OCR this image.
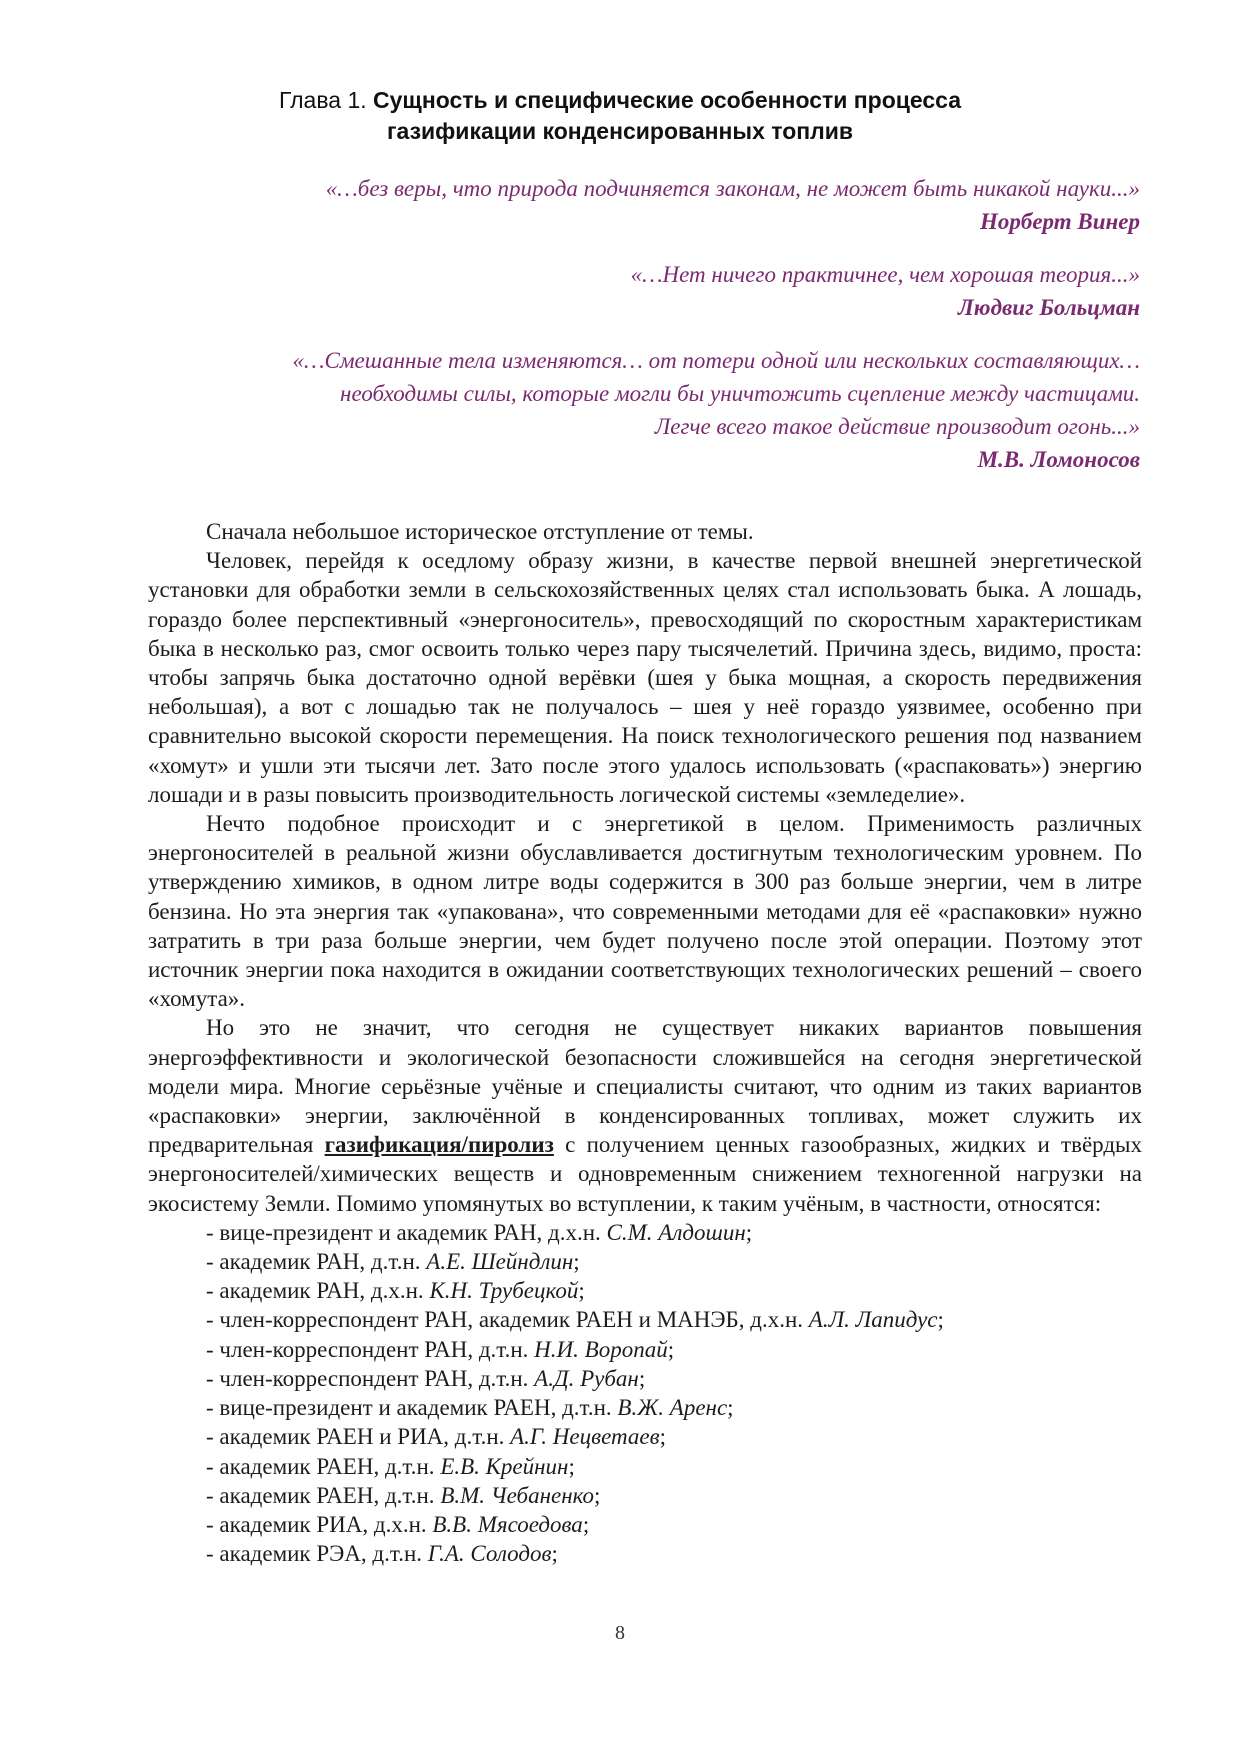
Глава 1. Сущность и специфические особенности процесса
газификации конденсированных топлив
«…без веры, что природа подчиняется законам, не может быть никакой науки...»
Норберт Винер
«…Нет ничего практичнее, чем хорошая теория...»
Людвиг Больцман
«…Смешанные тела изменяются… от потери одной или нескольких составляющих…
необходимы силы, которые могли бы уничтожить сцепление между частицами.
Легче всего такое действие производит огонь...»
М.В. Ломоносов

Сначала небольшое историческое отступление от темы.

Человек, перейдя к оседлому образу жизни, в качестве первой внешней энергетической установки для обработки земли в сельскохозяйственных целях стал использовать быка. А лошадь, гораздо более перспективный «энергоноситель», превосходящий по скоростным характеристикам быка в несколько раз, смог освоить только через пару тысячелетий. Причина здесь, видимо, проста: чтобы запрячь быка достаточно одной верёвки (шея у быка мощная, а скорость передвижения небольшая), а вот с лошадью так не получалось – шея у неё гораздо уязвимее, особенно при сравнительно высокой скорости перемещения. На поиск технологического решения под названием «хомут» и ушли эти тысячи лет. Зато после этого удалось использовать («распаковать») энергию лошади и в разы повысить производительность логической системы «земледелие».

Нечто подобное происходит и с энергетикой в целом. Применимость различных энергоносителей в реальной жизни обуславливается достигнутым технологическим уровнем. По утверждению химиков, в одном литре воды содержится в 300 раз больше энергии, чем в литре бензина. Но эта энергия так «упакована», что современными методами для её «распаковки» нужно затратить в три раза больше энергии, чем будет получено после этой операции. Поэтому этот источник энергии пока находится в ожидании соответствующих технологических решений – своего «хомута».

Но это не значит, что сегодня не существует никаких вариантов повышения энергоэффективности и экологической безопасности сложившейся на сегодня энергетической модели мира. Многие серьёзные учёные и специалисты считают, что одним из таких вариантов «распаковки» энергии, заключённой в конденсированных топливах, может служить их предварительная газификация/пиролиз с получением ценных газообразных, жидких и твёрдых энергоносителей/химических веществ и одновременным снижением техногенной нагрузки на экосистему Земли. Помимо упомянутых во вступлении, к таким учёным, в частности, относятся:

- вице-президент и академик РАН, д.х.н. С.М. Алдошин;
- академик РАН, д.т.н. А.Е. Шейндлин;
- академик РАН, д.х.н. К.Н. Трубецкой;
- член-корреспондент РАН, академик РАЕН и МАНЭБ, д.х.н. А.Л. Лапидус;
- член-корреспондент РАН, д.т.н. Н.И. Воропай;
- член-корреспондент РАН, д.т.н. А.Д. Рубан;
- вице-президент и академик РАЕН, д.т.н. В.Ж. Аренс;
- академик РАЕН и РИА, д.т.н. А.Г. Нецветаев;
- академик РАЕН, д.т.н. Е.В. Крейнин;
- академик РАЕН, д.т.н. В.М. Чебаненко;
- академик РИА, д.х.н. В.В. Мясоедова;
- академик РЭА, д.т.н. Г.А. Солодов;
8
